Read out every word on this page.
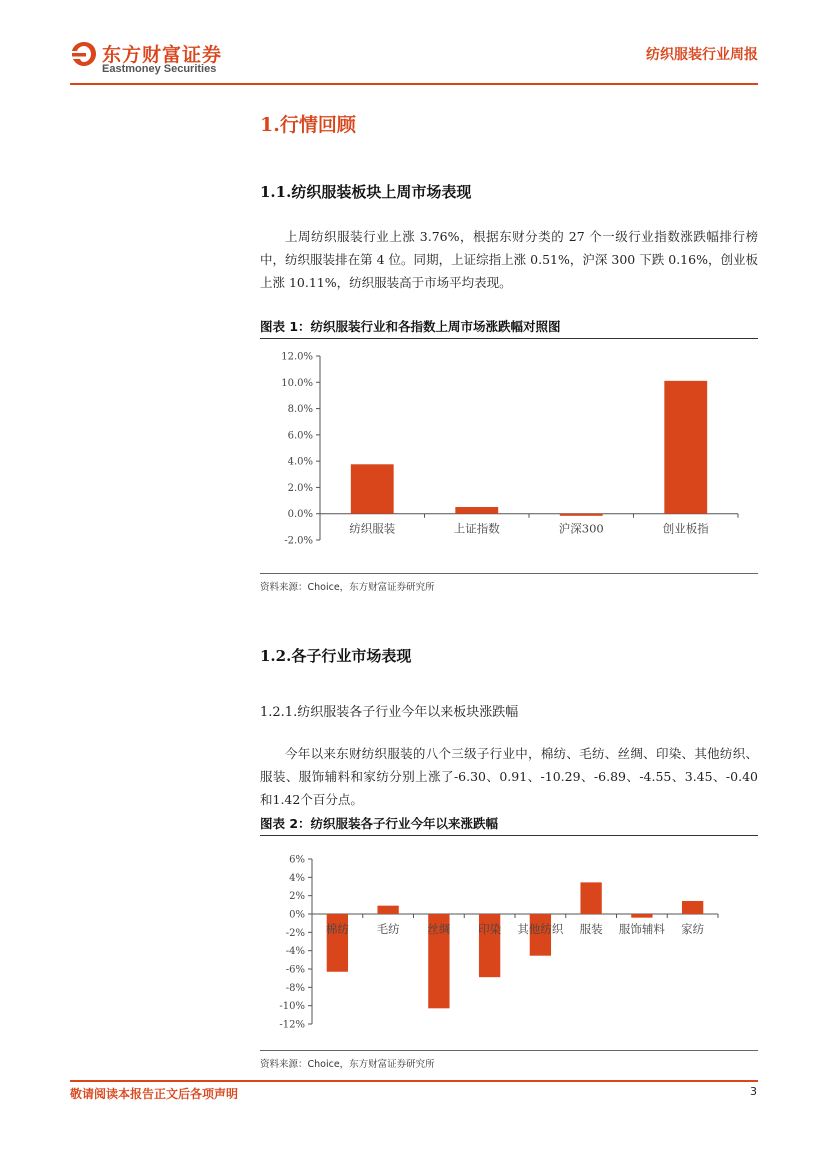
东方财富证券
Eastmoney Securities
纺织服装行业周报
1.行情回顾
1.1.纺织服装板块上周市场表现

上周纺织服装行业上涨 3.76%，根据东财分类的 27 个一级行业指数涨跌幅排行榜中，纺织服装排在第 4 位。同期，上证综指上涨 0.51%，沪深 300 下跌 0.16%，创业板上涨 10.11%，纺织服装高于市场平均表现。

图表 1：纺织服装行业和各指数上周市场涨跌幅对照图
12.0%
10.0%
8.0%
6.0%
4.0%
2.0%
0.0%
-2.0%
纺织服装	上证指数	沪深300	创业板指
资料来源：Choice，东方财富证券研究所
1.2.各子行业市场表现
1.2.1.纺织服装各子行业今年以来板块涨跌幅

今年以来东财纺织服装的八个三级子行业中，棉纺、毛纺、丝绸、印染、其他纺织、服装、服饰辅料和家纺分别上涨了-6.30、0.91、-10.29、-6.89、-4.55、3.45、-0.40和1.42个百分点。

图表 2：纺织服装各子行业今年以来涨跌幅
6%
4%
2%
0%
-2%
-4%
-6%
-8%
-10%
-12%
棉纺 毛纺 丝绸 印染 其他纺织 服装 服饰辅料 家纺
资料来源：Choice，东方财富证券研究所
敬请阅读本报告正文后各项声明	3
